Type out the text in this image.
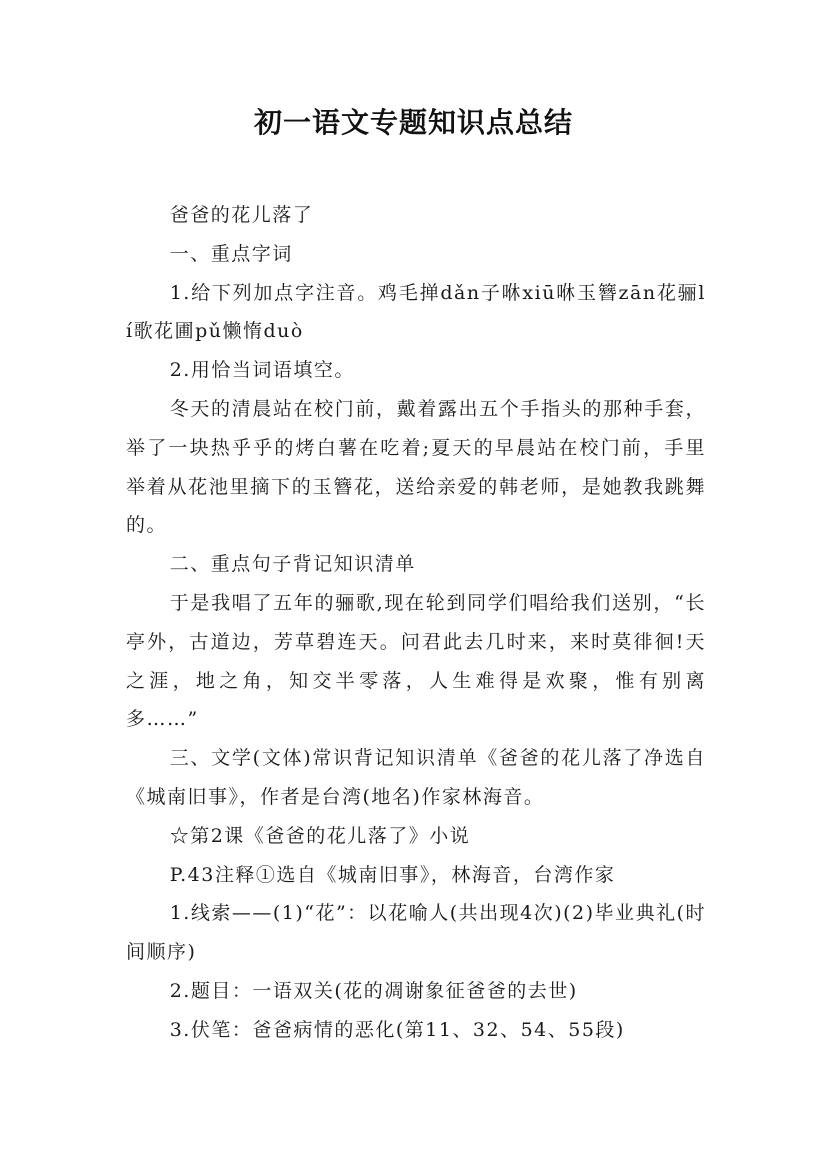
初一语文专题知识点总结

爸爸的花儿落了

一、重点字词

1.给下列加点字注音。鸡毛掸dǎn子咻xiū咻玉簪zān花骊lí歌花圃pǔ懒惰duò

2.用恰当词语填空。

冬天的清晨站在校门前，戴着露出五个手指头的那种手套，举了一块热乎乎的烤白薯在吃着;夏天的早晨站在校门前，手里举着从花池里摘下的玉簪花，送给亲爱的韩老师，是她教我跳舞的。

二、重点句子背记知识清单

于是我唱了五年的骊歌,现在轮到同学们唱给我们送别，“长亭外，古道边，芳草碧连天。问君此去几时来，来时莫徘徊!天之涯，地之角，知交半零落，人生难得是欢聚，惟有别离多……”

三、文学(文体)常识背记知识清单《爸爸的花儿落了净选自《城南旧事》，作者是台湾(地名)作家林海音。

☆第2课《爸爸的花儿落了》小说

P.43注释①选自《城南旧事》，林海音，台湾作家

1.线索——(1)“花”：以花喻人(共出现4次)(2)毕业典礼(时间顺序)

2.题目：一语双关(花的凋谢象征爸爸的去世)

3.伏笔：爸爸病情的恶化(第11、32、54、55段)
